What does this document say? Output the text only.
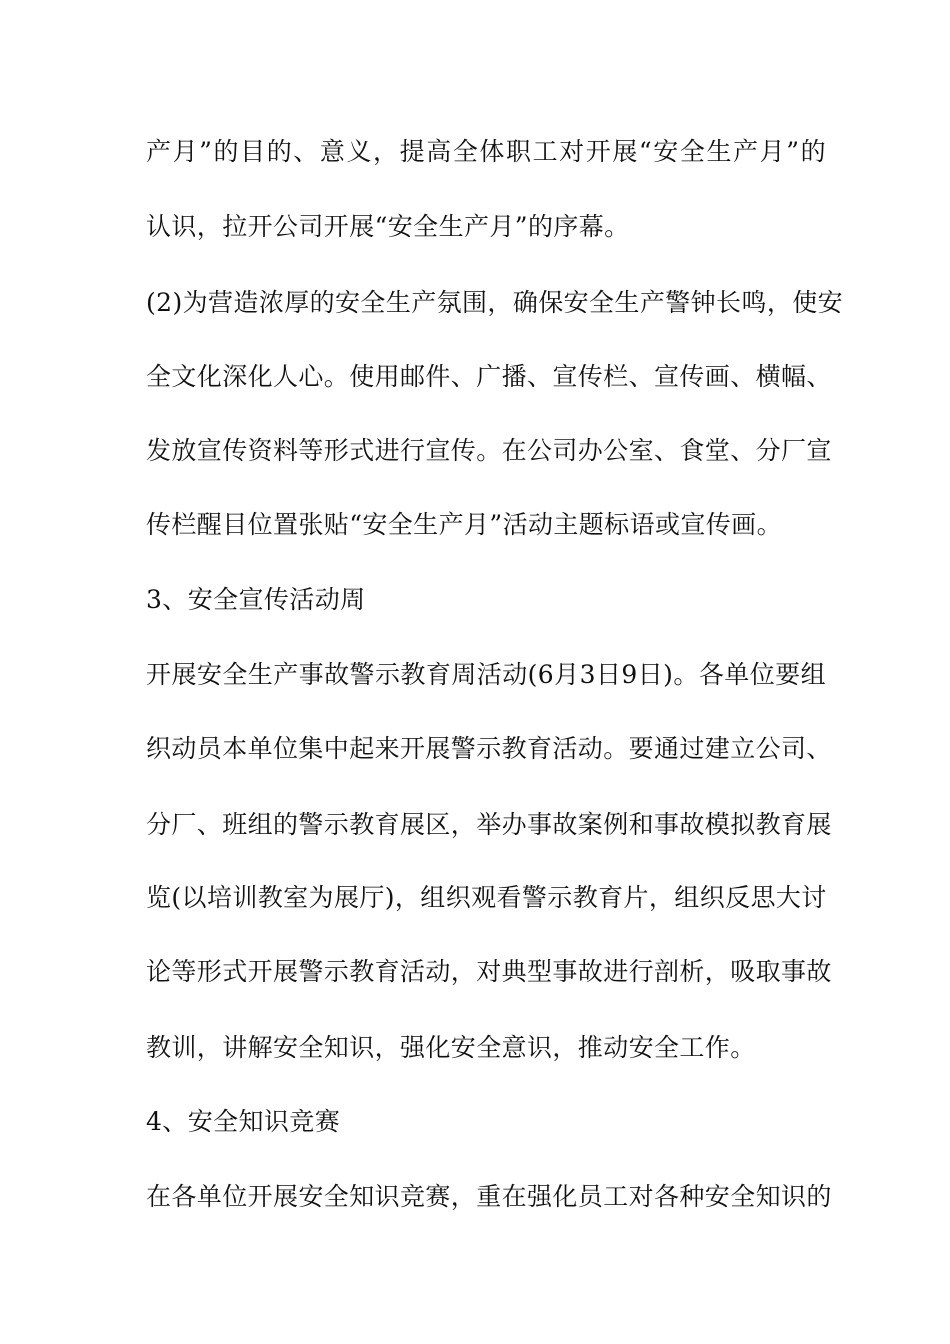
产月”的目的、意义，提高全体职工对开展“安全生产月”的
认识，拉开公司开展“安全生产月”的序幕。
(2)为营造浓厚的安全生产氛围，确保安全生产警钟长鸣，使安
全文化深化人心。使用邮件、广播、宣传栏、宣传画、横幅、
发放宣传资料等形式进行宣传。在公司办公室、食堂、分厂宣
传栏醒目位置张贴“安全生产月”活动主题标语或宣传画。
3、安全宣传活动周
开展安全生产事故警示教育周活动(6月3日9日)。各单位要组
织动员本单位集中起来开展警示教育活动。要通过建立公司、
分厂、班组的警示教育展区，举办事故案例和事故模拟教育展
览(以培训教室为展厅)，组织观看警示教育片，组织反思大讨
论等形式开展警示教育活动，对典型事故进行剖析，吸取事故
教训，讲解安全知识，强化安全意识，推动安全工作。
4、安全知识竞赛
在各单位开展安全知识竞赛，重在强化员工对各种安全知识的
